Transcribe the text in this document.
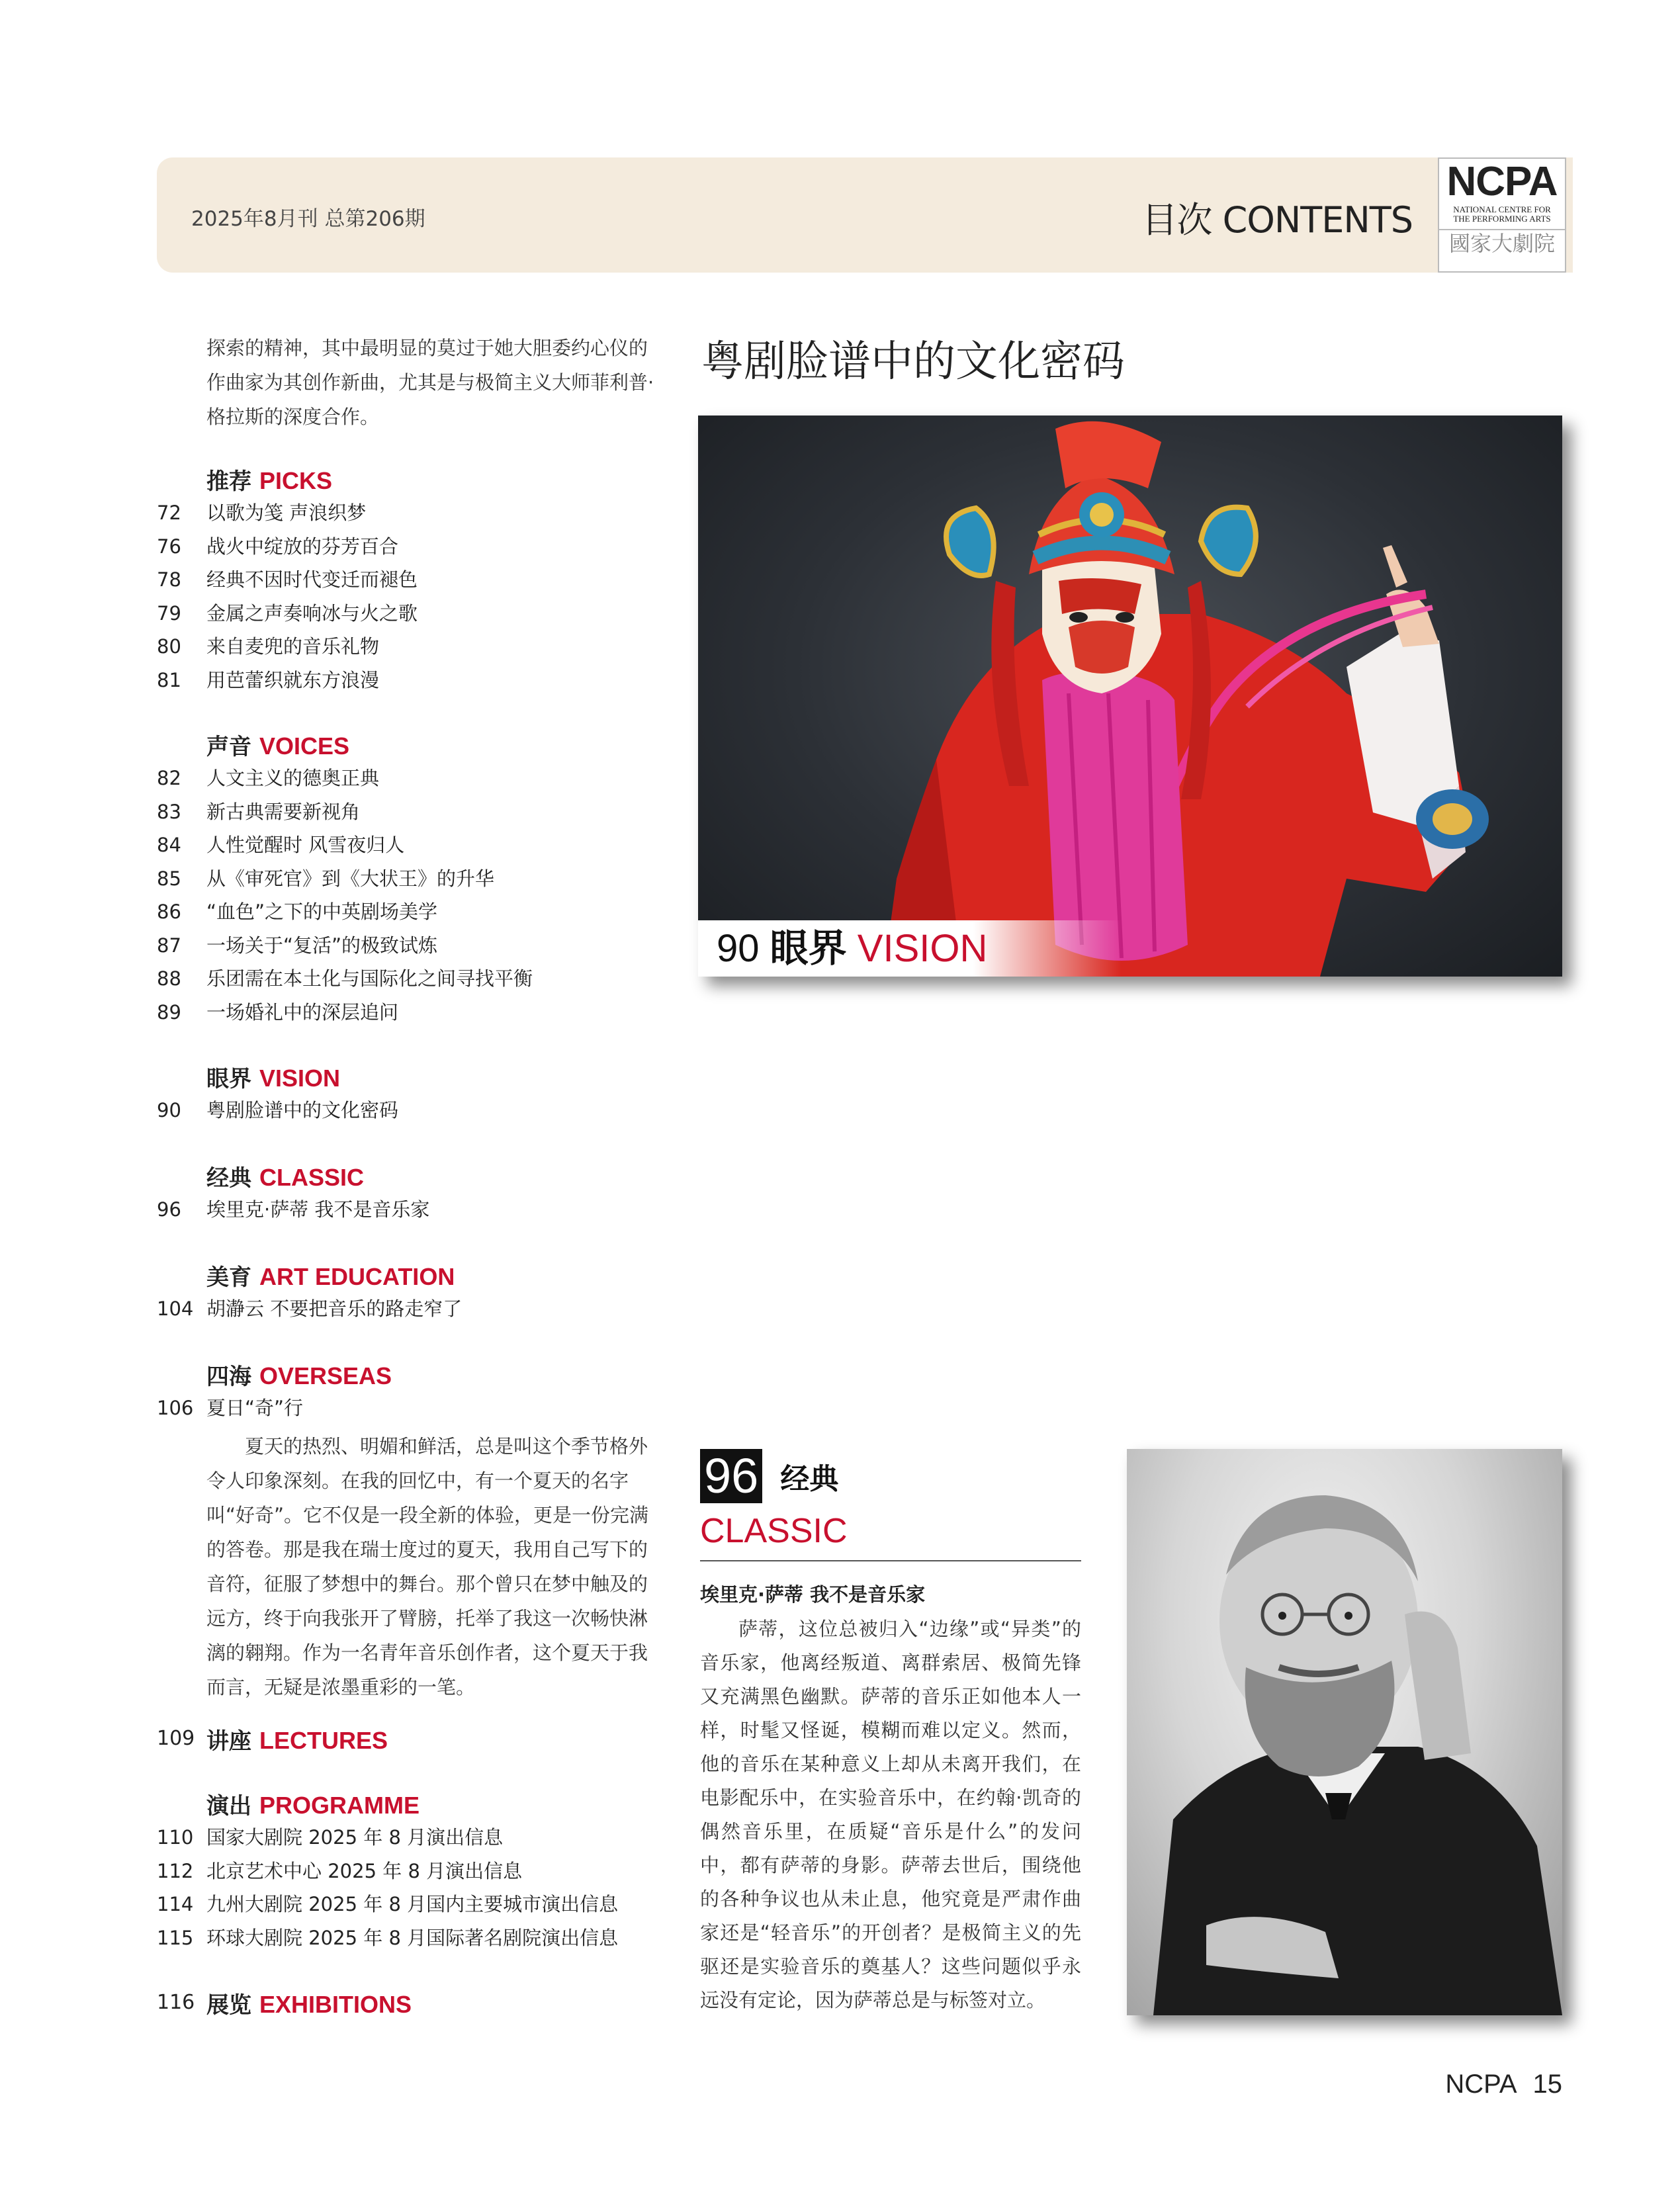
2025年8月刊 总第206期	目次 CONTENTS
NCPA
NATIONAL CENTRE FOR
THE PERFORMING ARTS
國家大劇院

探索的精神，其中最明显的莫过于她大胆委约心仪的作曲家为其创作新曲，尤其是与极简主义大师菲利普·格拉斯的深度合作。

推荐 PICKS
72 以歌为笺 声浪织梦
76 战火中绽放的芬芳百合
78 经典不因时代变迁而褪色
79 金属之声奏响冰与火之歌
80 来自麦兜的音乐礼物
81 用芭蕾织就东方浪漫
声音 VOICES
82 人文主义的德奥正典
83 新古典需要新视角
84 人性觉醒时 风雪夜归人
85 从《审死官》到《大状王》的升华
86 “血色”之下的中英剧场美学
87 一场关于“复活”的极致试炼
88 乐团需在本土化与国际化之间寻找平衡
89 一场婚礼中的深层追问
眼界 VISION
90 粤剧脸谱中的文化密码
经典 CLASSIC
96 埃里克·萨蒂 我不是音乐家
美育 ART EDUCATION
104 胡瀞云 不要把音乐的路走窄了
四海 OVERSEAS
106 夏日“奇”行

夏天的热烈、明媚和鲜活，总是叫这个季节格外令人印象深刻。在我的回忆中，有一个夏天的名字叫“好奇”。它不仅是一段全新的体验，更是一份完满的答卷。那是我在瑞士度过的夏天，我用自己写下的音符，征服了梦想中的舞台。那个曾只在梦中触及的远方，终于向我张开了臂膀，托举了我这一次畅快淋漓的翱翔。作为一名青年音乐创作者，这个夏天于我而言，无疑是浓墨重彩的一笔。

109 讲座 LECTURES
演出 PROGRAMME
110 国家大剧院 2025 年 8 月演出信息
112 北京艺术中心 2025 年 8 月演出信息
114 九州大剧院 2025 年 8 月国内主要城市演出信息
115 环球大剧院 2025 年 8 月国际著名剧院演出信息
116 展览 EXHIBITIONS
粤剧脸谱中的文化密码
90 眼界 VISION
96 经典
CLASSIC
埃里克·萨蒂 我不是音乐家
萨蒂，这位总被归入“边缘”或“异类”的音乐家，他离经叛道、离群索居、极简先锋又充满黑色幽默。萨蒂的音乐正如他本人一样，时髦又怪诞，模糊而难以定义。然而，他的音乐在某种意义上却从未离开我们，在电影配乐中，在实验音乐中，在约翰·凯奇的偶然音乐里，在质疑“音乐是什么”的发问中，都有萨蒂的身影。萨蒂去世后，围绕他的各种争议也从未止息，他究竟是严肃作曲家还是“轻音乐”的开创者？是极简主义的先驱还是实验音乐的奠基人？这些问题似乎永远没有定论，因为萨蒂总是与标签对立。
NCPA 15
